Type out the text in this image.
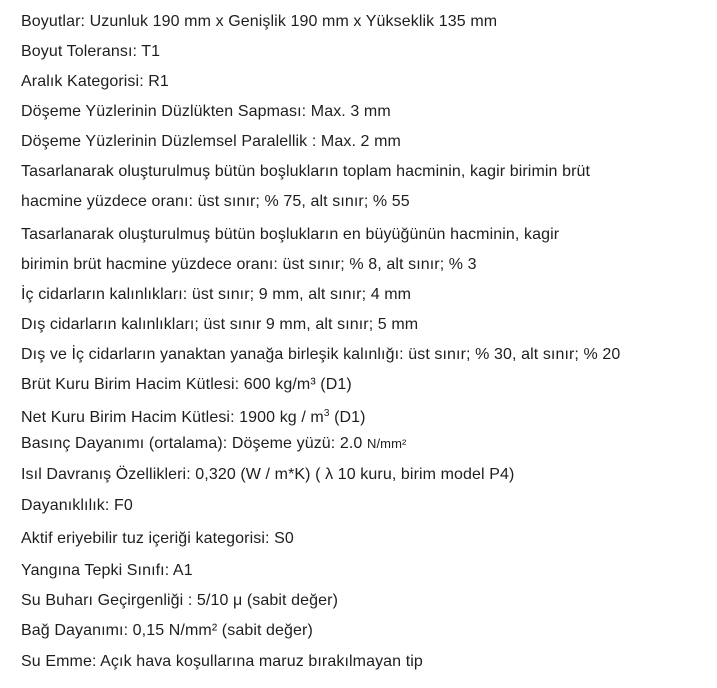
Boyutlar: Uzunluk 190 mm x Genişlik 190 mm x Yükseklik 135 mm
Boyut Toleransı: T1
Aralık Kategorisi: R1
Döşeme Yüzlerinin Düzlükten Sapması: Max. 3 mm
Döşeme Yüzlerinin Düzlemsel Paralellik : Max. 2 mm
Tasarlanarak oluşturulmuş bütün boşlukların toplam hacminin, kagir birimin brüt
hacmine yüzdece oranı: üst sınır; % 75, alt sınır; % 55
Tasarlanarak oluşturulmuş bütün boşlukların en büyüğünün hacminin, kagir
birimin brüt hacmine yüzdece oranı: üst sınır; % 8, alt sınır; % 3
İç cidarların kalınlıkları: üst sınır; 9 mm, alt sınır; 4 mm
Dış cidarların kalınlıkları; üst sınır 9 mm, alt sınır; 5 mm
Dış ve İç cidarların yanaktan yanağa birleşik kalınlığı: üst sınır; % 30, alt sınır; % 20
Brüt Kuru Birim Hacim Kütlesi: 600 kg/m³ (D1)
Net Kuru Birim Hacim Kütlesi: 1900 kg / $m^3$ (D1)
Basınç Dayanımı (ortalama): Döşeme yüzü: 2.0 N/mm²
Isıl Davranış Özellikleri: 0,320 (W / m*K) ( λ 10 kuru, birim model P4)
Dayanıklılık: F0
Aktif eriyebilir tuz içeriği kategorisi: S0
Yangına Tepki Sınıfı: A1
Su Buharı Geçirgenliği : 5/10 μ (sabit değer)
Bağ Dayanımı: 0,15 N/mm² (sabit değer)
Su Emme: Açık hava koşullarına maruz bırakılmayan tip
